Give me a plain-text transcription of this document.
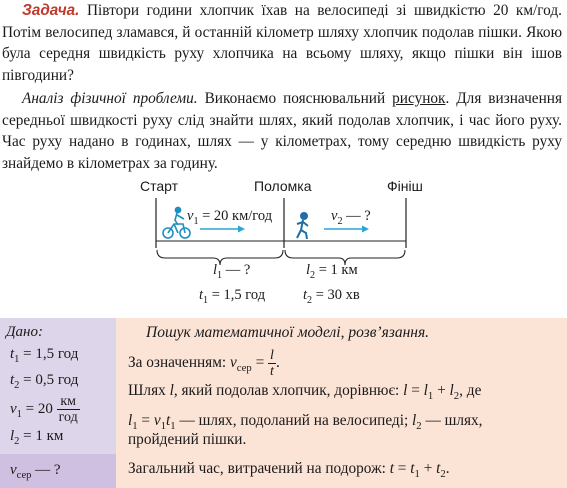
Задача. Півтори години хлопчик їхав на велосипеді зі швидкістю 20 км/год. Потім велосипед зламався, й останній кілометр шляху хлопчик подолав пішки. Якою була середня швидкість руху хлопчика на всьому шляху, якщо пішки він ішов півгодини?
Аналіз фізичної проблеми. Виконаємо пояснювальний рисунок. Для визначення середньої швидкості руху слід знайти шлях, який подолав хлопчик, і час його руху. Час руху надано в годинах, шлях — у кілометрах, тому середню швидкість руху знайдемо в кілометрах за годину.
Старт	Поломка	Фініш
$v_1 = 20$ км/год	$v_2$ — ?
$l_1$ — ?	$l_2 = 1$ км
$t_1 = 1,5$ год	$t_2 = 30$ хв
Дано:
$t_1 = 1,5$ год
$t_2 = 0,5$ год
$v_1 = 20 \frac{км}{\text{год}}$
$l_2 = 1$ км
$v_{сер}$ — ?
Пошук математичної моделі, розв’язання.
За означенням: $v_{сер} = \frac{l}{t}$ .
Шлях l, який подолав хлопчик, дорівнює: $l = l_1 + l_2$, де
$l_1 = v_1t_1$ — шлях, подоланий на велосипеді; $l_2$ — шлях,
пройдений пішки.
Загальний час, витрачений на подорож: $t = t_1 + t_2$.
